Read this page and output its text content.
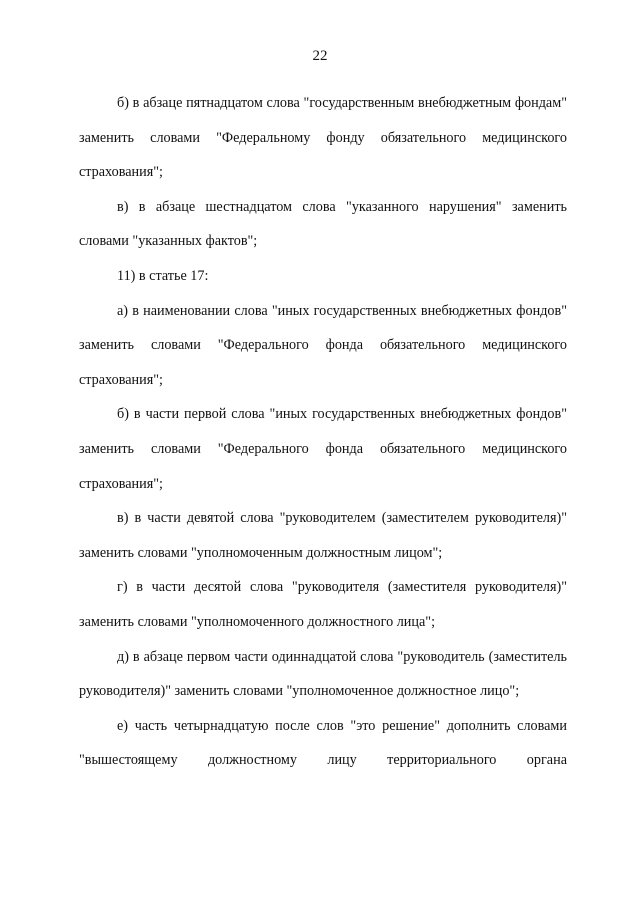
22

б) в абзаце пятнадцатом слова "государственным внебюджетным фондам" заменить словами "Федеральному фонду обязательного медицинского страхования";

в) в абзаце шестнадцатом слова "указанного нарушения" заменить словами "указанных фактов";

11) в статье 17:

а) в наименовании слова "иных государственных внебюджетных фондов" заменить словами "Федерального фонда обязательного медицинского страхования";

б) в части первой слова "иных государственных внебюджетных фондов" заменить словами "Федерального фонда обязательного медицинского страхования";

в) в части девятой слова "руководителем (заместителем руководителя)" заменить словами "уполномоченным должностным лицом";

г) в части десятой слова "руководителя (заместителя руководителя)" заменить словами "уполномоченного должностного лица";

д) в абзаце первом части одиннадцатой слова "руководитель (заместитель руководителя)" заменить словами "уполномоченное должностное лицо";

е) часть четырнадцатую после слов "это решение" дополнить словами "вышестоящему должностному лицу территориального органа
